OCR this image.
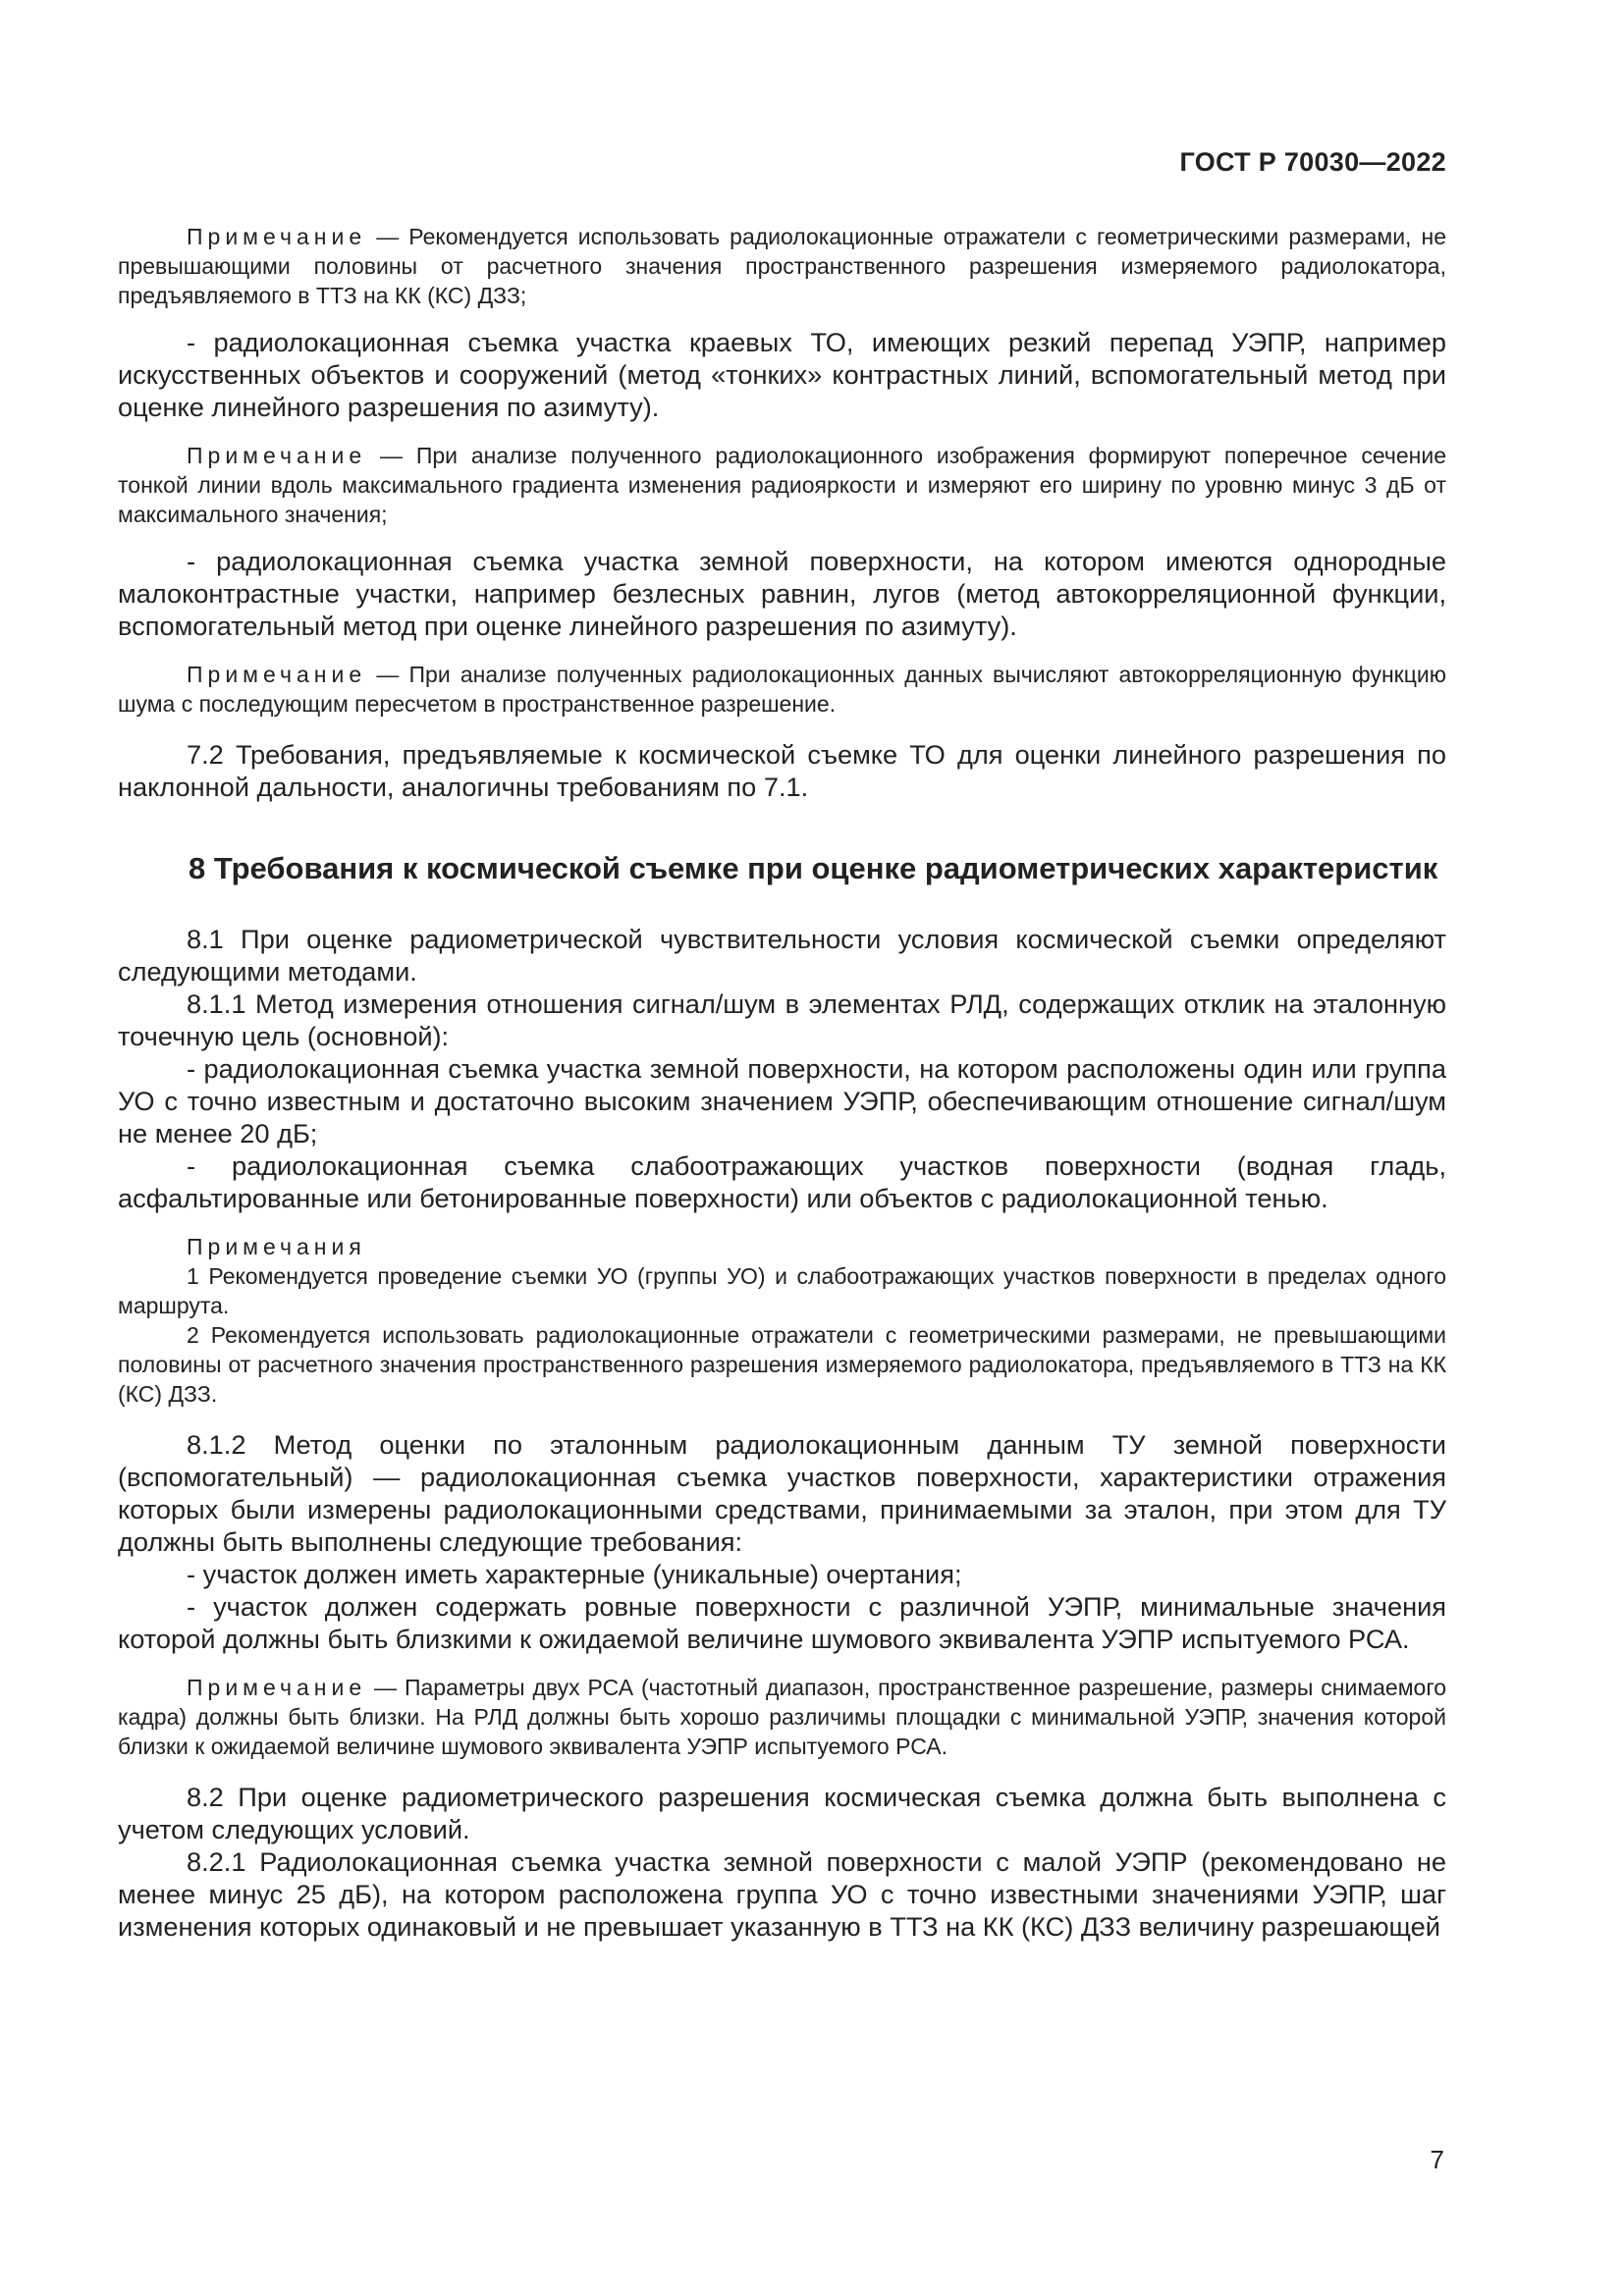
ГОСТ Р 70030—2022

Примечание — Рекомендуется использовать радиолокационные отражатели с геометрическими размерами, не превышающими половины от расчетного значения пространственного разрешения измеряемого радиолокатора, предъявляемого в ТТЗ на КК (КС) ДЗЗ;

- радиолокационная съемка участка краевых ТО, имеющих резкий перепад УЭПР, например искусственных объектов и сооружений (метод «тонких» контрастных линий, вспомогательный метод при оценке линейного разрешения по азимуту).

Примечание — При анализе полученного радиолокационного изображения формируют поперечное сечение тонкой линии вдоль максимального градиента изменения радиояркости и измеряют его ширину по уровню минус 3 дБ от максимального значения;

- радиолокационная съемка участка земной поверхности, на котором имеются однородные малоконтрастные участки, например безлесных равнин, лугов (метод автокорреляционной функции, вспомогательный метод при оценке линейного разрешения по азимуту).

Примечание — При анализе полученных радиолокационных данных вычисляют автокорреляционную функцию шума с последующим пересчетом в пространственное разрешение.

7.2 Требования, предъявляемые к космической съемке ТО для оценки линейного разрешения по наклонной дальности, аналогичны требованиям по 7.1.

8 Требования к космической съемке при оценке радиометрических характеристик

8.1 При оценке радиометрической чувствительности условия космической съемки определяют следующими методами.

8.1.1 Метод измерения отношения сигнал/шум в элементах РЛД, содержащих отклик на эталонную точечную цель (основной):

- радиолокационная съемка участка земной поверхности, на котором расположены один или группа УО с точно известным и достаточно высоким значением УЭПР, обеспечивающим отношение сигнал/шум не менее 20 дБ;

- радиолокационная съемка слабоотражающих участков поверхности (водная гладь, асфальтированные или бетонированные поверхности) или объектов с радиолокационной тенью.

Примечания

1 Рекомендуется проведение съемки УО (группы УО) и слабоотражающих участков поверхности в пределах одного маршрута.

2 Рекомендуется использовать радиолокационные отражатели с геометрическими размерами, не превышающими половины от расчетного значения пространственного разрешения измеряемого радиолокатора, предъявляемого в ТТЗ на КК (КС) ДЗЗ.

8.1.2 Метод оценки по эталонным радиолокационным данным ТУ земной поверхности (вспомогательный) — радиолокационная съемка участков поверхности, характеристики отражения которых были измерены радиолокационными средствами, принимаемыми за эталон, при этом для ТУ должны быть выполнены следующие требования:

- участок должен иметь характерные (уникальные) очертания;

- участок должен содержать ровные поверхности с различной УЭПР, минимальные значения которой должны быть близкими к ожидаемой величине шумового эквивалента УЭПР испытуемого РСА.

Примечание — Параметры двух РСА (частотный диапазон, пространственное разрешение, размеры снимаемого кадра) должны быть близки. На РЛД должны быть хорошо различимы площадки с минимальной УЭПР, значения которой близки к ожидаемой величине шумового эквивалента УЭПР испытуемого РСА.

8.2 При оценке радиометрического разрешения космическая съемка должна быть выполнена с учетом следующих условий.

8.2.1 Радиолокационная съемка участка земной поверхности с малой УЭПР (рекомендовано не менее минус 25 дБ), на котором расположена группа УО с точно известными значениями УЭПР, шаг изменения которых одинаковый и не превышает указанную в ТТЗ на КК (КС) ДЗЗ величину разрешающей

7
